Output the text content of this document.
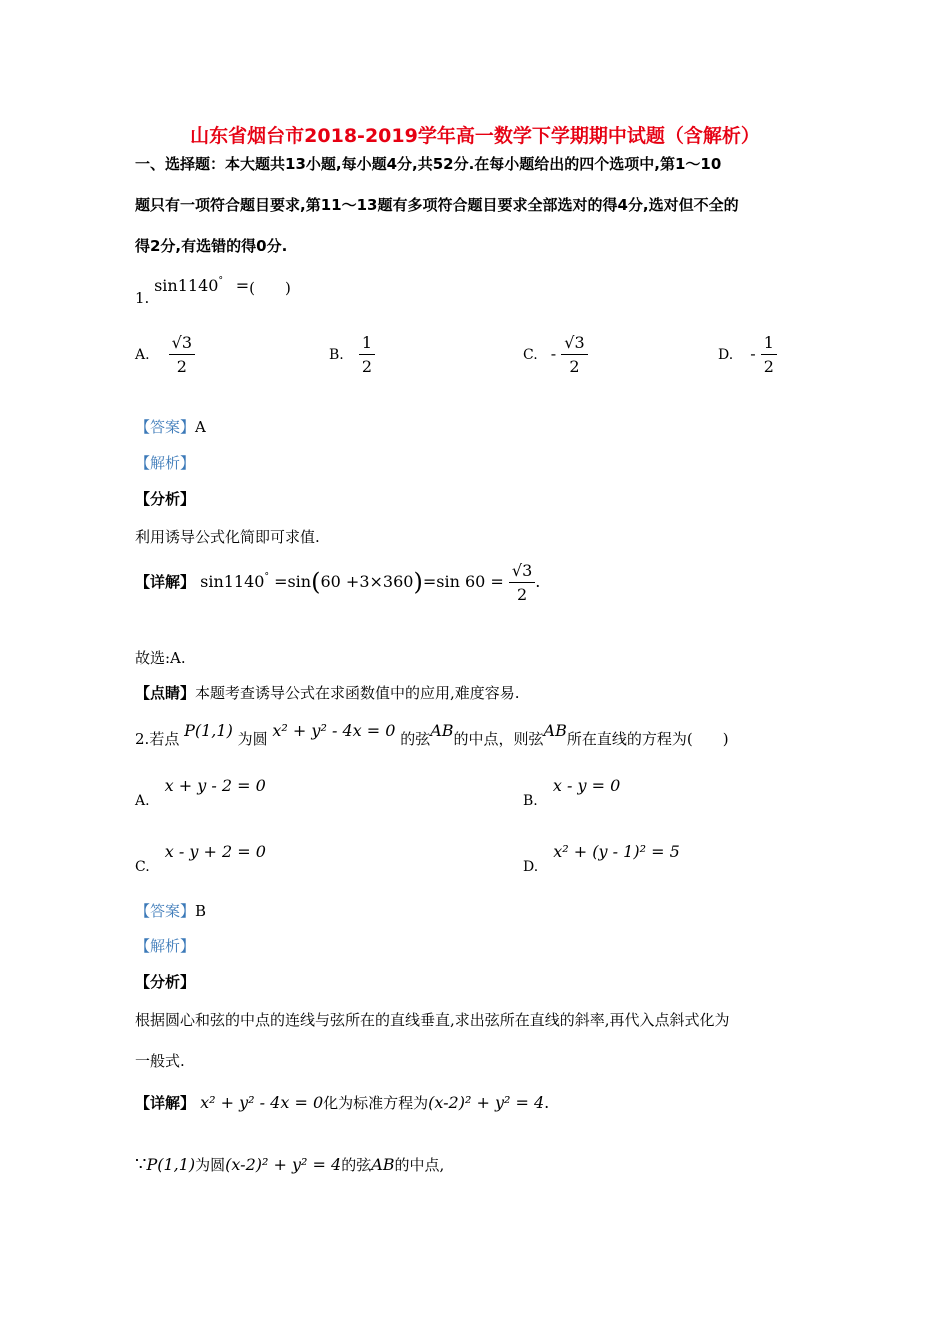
山东省烟台市2018-2019学年高一数学下学期期中试题（含解析）
一、选择题：本大题共13小题,每小题4分,共52分.在每小题给出的四个选项中,第1～10
题只有一项符合题目要求,第11～13题有多项符合题目要求全部选对的得4分,选对但不全的
得2分,有选错的得0分.
1. sin1140° =(　　)
A. $\frac{√3}{2}$	B. $\frac{1}{2}$	C. - $\frac{√3}{2}$	D. - $\frac{1}{2}$
【答案】A
【解析】
【分析】
利用诱导公式化简即可求值.
【详解】 sin1140° =sin(60 +3×360)=sin $60 = \frac{√3}{2}$ .
故选:A.
【点睛】本题考查诱导公式在求函数值中的应用,难度容易.
2.若点 P(1,1) 为圆 x² + y² - 4x = 0 的弦AB的中点，则弦AB所在直线的方程为(　　)
A. x + y - 2 = 0
B. x - y = 0
C. x - y + 2 = 0
D. x² + (y - 1)² = 5
【答案】B
【解析】
【分析】
根据圆心和弦的中点的连线与弦所在的直线垂直,求出弦所在直线的斜率,再代入点斜式化为
一般式.
【详解】 x² + y² - 4x = 0化为标准方程为(x-2)² + y² = 4.
∵P(1,1)为圆(x-2)² + y² = 4的弦AB的中点,
